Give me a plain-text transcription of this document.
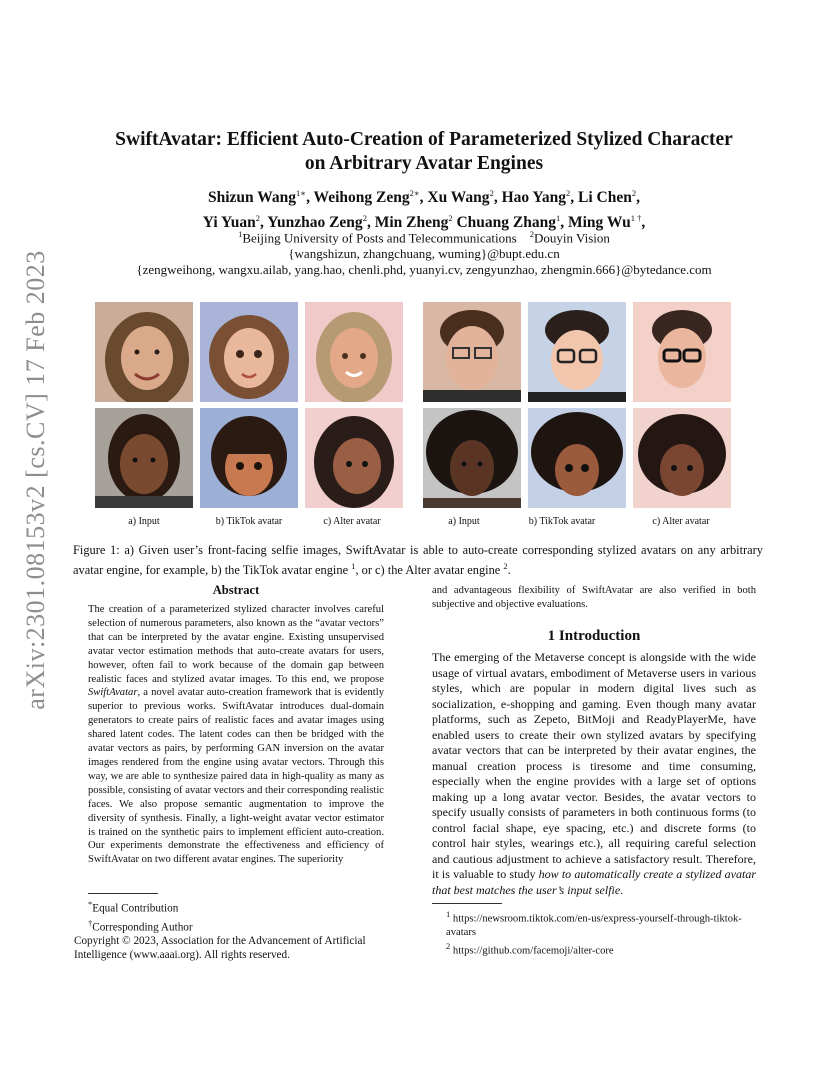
arXiv:2301.08153v2 [cs.CV] 17 Feb 2023
SwiftAvatar: Efficient Auto-Creation of Parameterized Stylized Character
on Arbitrary Avatar Engines
Shizun Wang$^{1∗}$, Weihong Zeng$^{2∗}$, Xu Wang$^2$, Hao Yang$^2$, Li Chen$^2$,
Yi Yuan$^2$, Yunzhao Zeng$^2$, Min Zheng$^2$ Chuang Zhang$^1$, Ming $Wu^{1 \dagger}$,
$^1$Beijing University of Posts and Telecommunications $^2$Douyin Vision
{wangshizun, zhangchuang, wuming}@bupt.edu.cn
{zengweihong, wangxu.ailab, yang.hao, chenli.phd, yuanyi.cv, zengyunzhao, zhengmin.666}@bytedance.com
a) Input	b) TikTok avatar	c) Alter avatar	a) Input	b) TikTok avatar	c) Alter avatar
Figure 1: a) Given user’s front-facing selfie images, SwiftAvatar is able to auto-create corresponding stylized avatars on any arbitrary avatar engine, for example, b) the TikTok avatar engine $^1$, or c) the Alter avatar engine $^2$.
Abstract
The creation of a parameterized stylized character involves careful selection of numerous parameters, also known as the “avatar vectors” that can be interpreted by the avatar engine. Existing unsupervised avatar vector estimation methods that auto-create avatars for users, however, often fail to work because of the domain gap between realistic faces and stylized avatar images. To this end, we propose SwiftAvatar, a novel avatar auto-creation framework that is evidently superior to previous works. SwiftAvatar introduces dual-domain generators to create pairs of realistic faces and avatar images using shared latent codes. The latent codes can then be bridged with the avatar vectors as pairs, by performing GAN inversion on the avatar images rendered from the engine using avatar vectors. Through this way, we are able to synthesize paired data in high-quality as many as possible, consisting of avatar vectors and their corresponding realistic faces. We also propose semantic augmentation to improve the diversity of synthesis. Finally, a light-weight avatar vector estimator is trained on the synthetic pairs to implement efficient auto-creation. Our experiments demonstrate the effectiveness and efficiency of SwiftAvatar on two different avatar engines. The superiority
and advantageous flexibility of SwiftAvatar are also verified in both subjective and objective evaluations.
1 Introduction
The emerging of the Metaverse concept is alongside with the wide usage of virtual avatars, embodiment of Metaverse users in various styles, which are popular in modern digital lives such as socialization, e-shopping and gaming. Even though many avatar platforms, such as Zepeto, BitMoji and ReadyPlayerMe, have enabled users to create their own stylized avatars by specifying avatar vectors that can be interpreted by their avatar engines, the manual creation process is tiresome and time consuming, especially when the engine provides with a large set of options making up a long avatar vector. Besides, the avatar vectors to specify usually consists of parameters in both continuous forms (to control facial shape, eye spacing, etc.) and discrete forms (to control hair styles, wearings etc.), all requiring careful selection and cautious adjustment to achieve a satisfactory result. Therefore, it is valuable to study how to automatically create a stylized avatar that best matches the user’s input selfie.
*Equal Contribution
†Corresponding Author
Copyright © 2023, Association for the Advancement of Artificial Intelligence (www.aaai.org). All rights reserved.
$^1$ https://newsroom.tiktok.com/en-us/express-yourself-through-tiktok-avatars
$^2$ https://github.com/facemoji/alter-core
